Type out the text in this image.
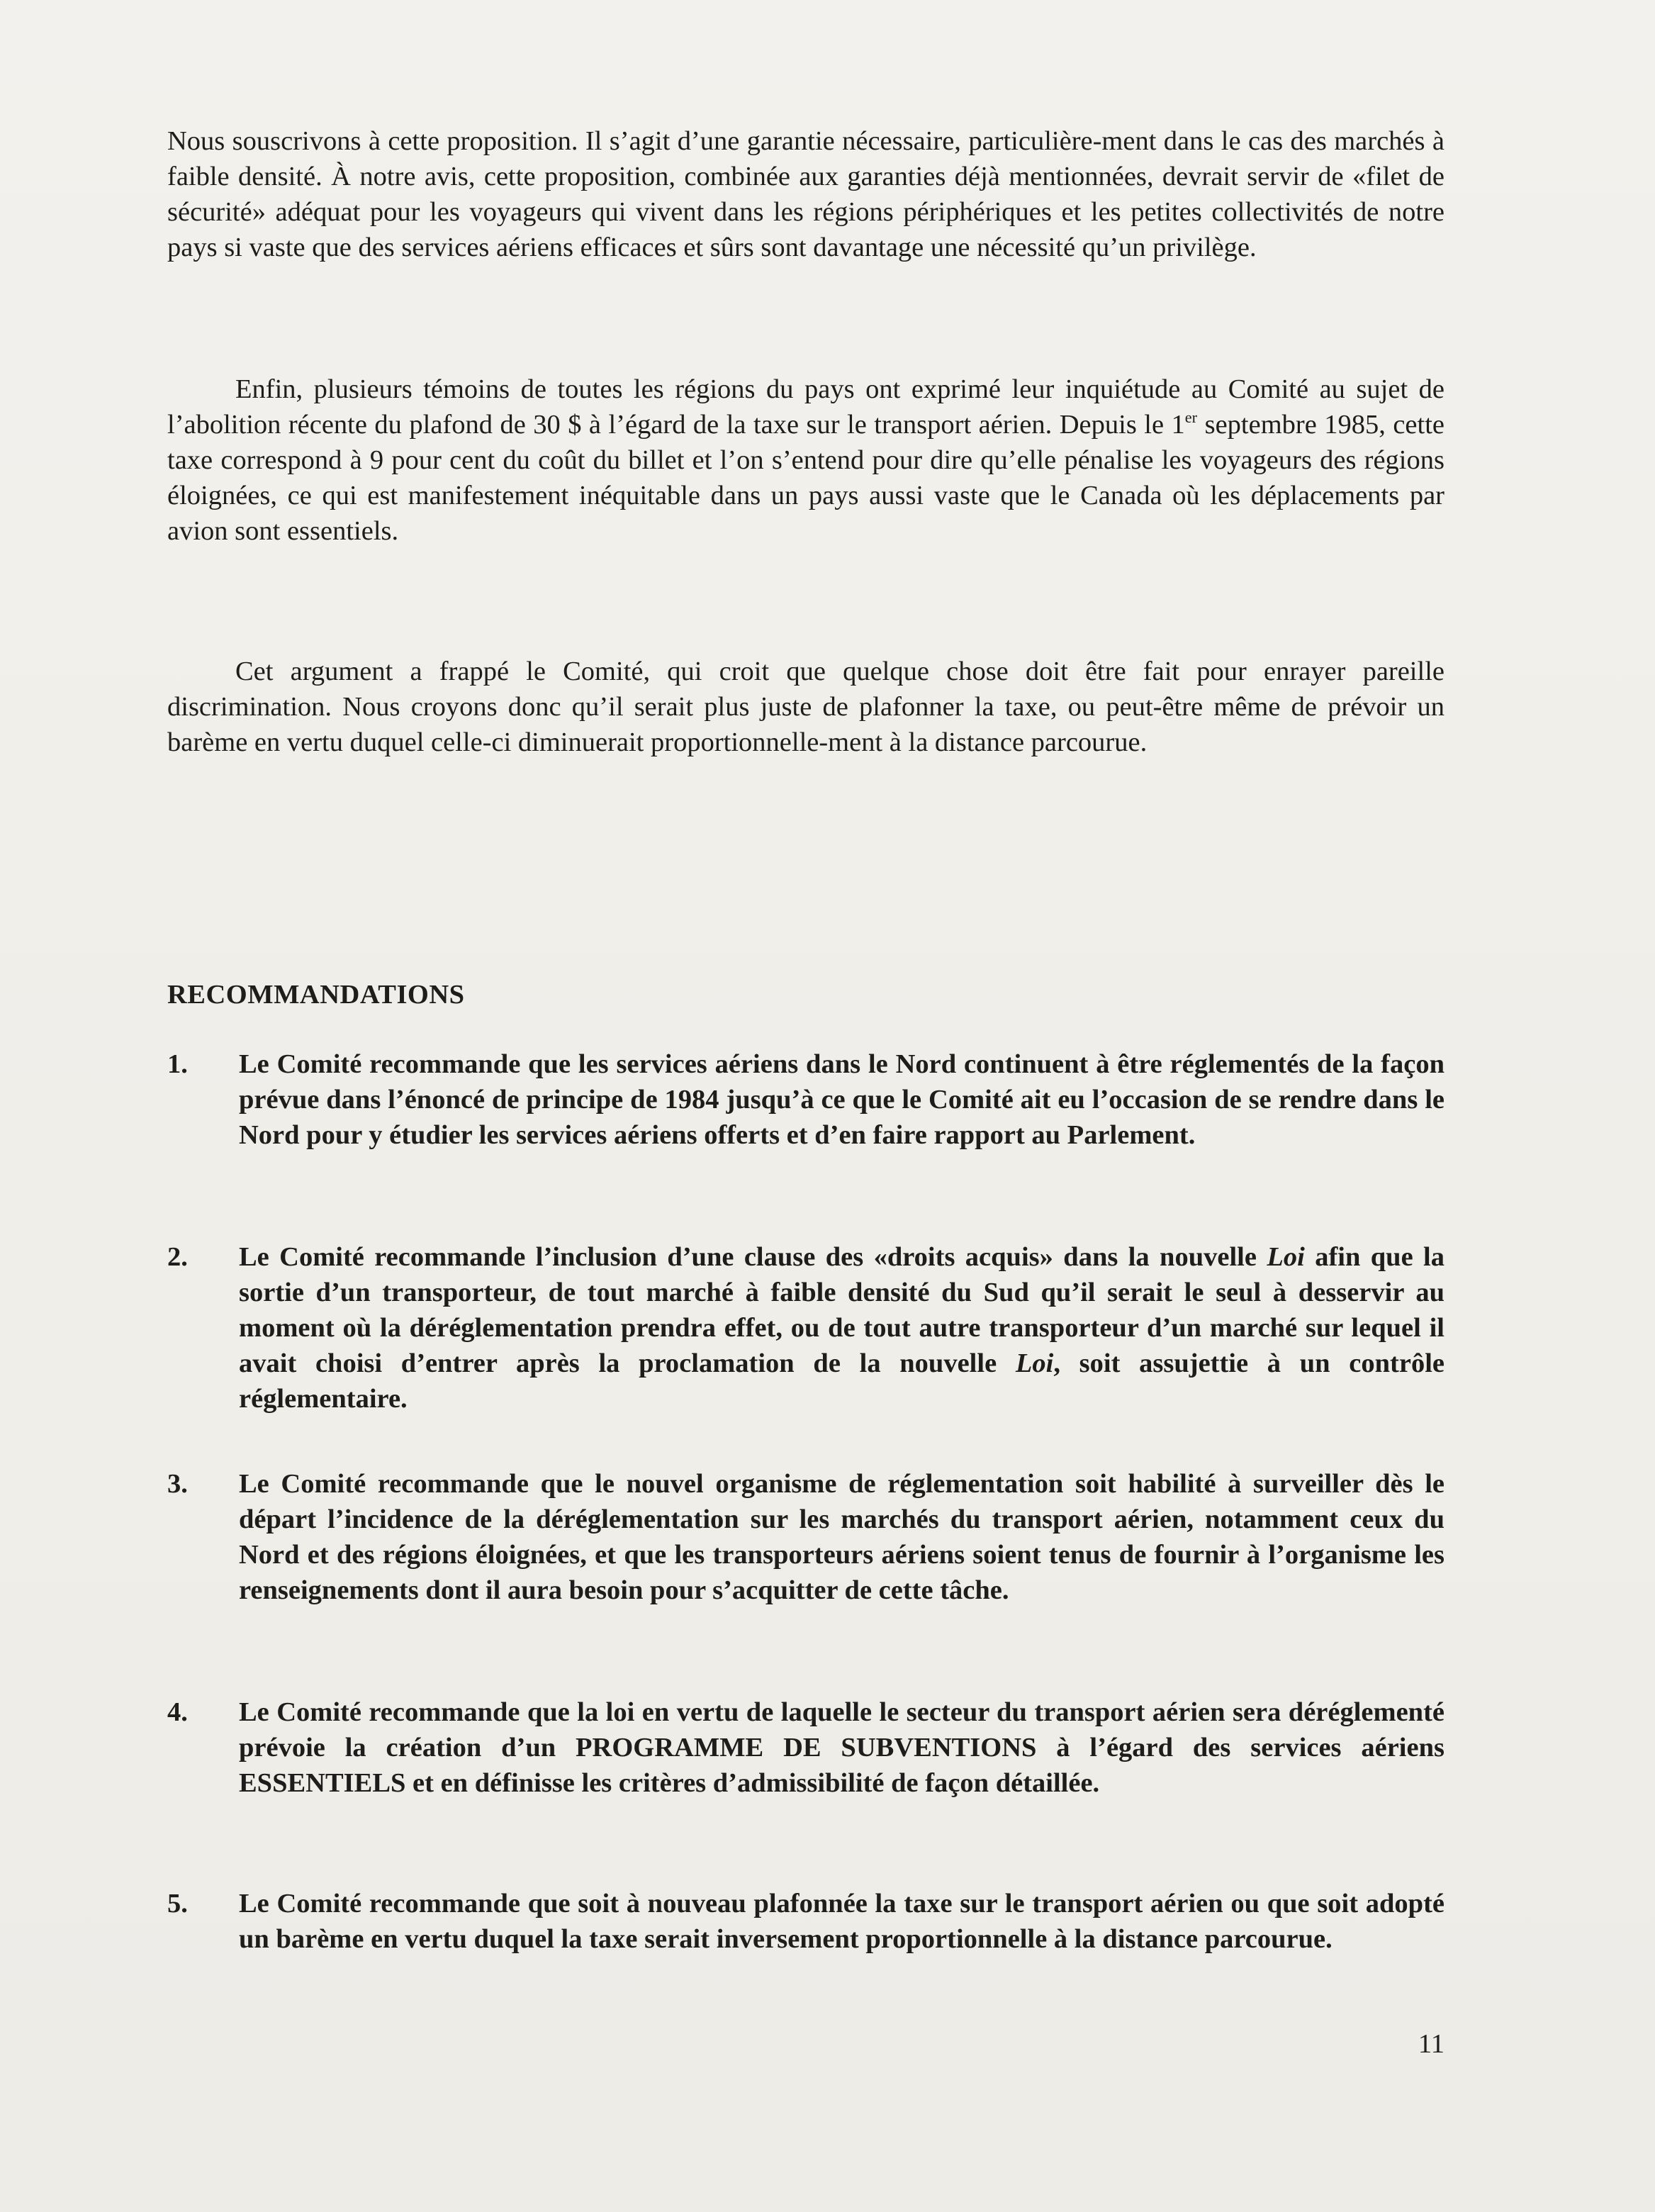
Nous souscrivons à cette proposition. Il s’agit d’une garantie nécessaire, particulière-ment dans le cas des marchés à faible densité. À notre avis, cette proposition, combinée aux garanties déjà mentionnées, devrait servir de «filet de sécurité» adéquat pour les voyageurs qui vivent dans les régions périphériques et les petites collectivités de notre pays si vaste que des services aériens efficaces et sûrs sont davantage une nécessité qu’un privilège.

Enfin, plusieurs témoins de toutes les régions du pays ont exprimé leur inquiétude au Comité au sujet de l’abolition récente du plafond de 30 $ à l’égard de la taxe sur le transport aérien. Depuis le 1er septembre 1985, cette taxe correspond à 9 pour cent du coût du billet et l’on s’entend pour dire qu’elle pénalise les voyageurs des régions éloignées, ce qui est manifestement inéquitable dans un pays aussi vaste que le Canada où les déplacements par avion sont essentiels.

Cet argument a frappé le Comité, qui croit que quelque chose doit être fait pour enrayer pareille discrimination. Nous croyons donc qu’il serait plus juste de plafonner la taxe, ou peut-être même de prévoir un barème en vertu duquel celle-ci diminuerait proportionnelle-ment à la distance parcourue.

RECOMMANDATIONS
1.	Le Comité recommande que les services aériens dans le Nord continuent à être réglementés de la façon prévue dans l’énoncé de principe de 1984 jusqu’à ce que le Comité ait eu l’occasion de se rendre dans le Nord pour y étudier les services aériens offerts et d’en faire rapport au Parlement.
2.	Le Comité recommande l’inclusion d’une clause des «droits acquis» dans la nouvelle Loi afin que la sortie d’un transporteur, de tout marché à faible densité du Sud qu’il serait le seul à desservir au moment où la déréglementation prendra effet, ou de tout autre transporteur d’un marché sur lequel il avait choisi d’entrer après la proclamation de la nouvelle Loi, soit assujettie à un contrôle réglementaire.
3.	Le Comité recommande que le nouvel organisme de réglementation soit habilité à surveiller dès le départ l’incidence de la déréglementation sur les marchés du transport aérien, notamment ceux du Nord et des régions éloignées, et que les transporteurs aériens soient tenus de fournir à l’organisme les renseignements dont il aura besoin pour s’acquitter de cette tâche.
4.	Le Comité recommande que la loi en vertu de laquelle le secteur du transport aérien sera déréglementé prévoie la création d’un PROGRAMME DE SUBVENTIONS à l’égard des services aériens ESSENTIELS et en définisse les critères d’admissibilité de façon détaillée.
5.	Le Comité recommande que soit à nouveau plafonnée la taxe sur le transport aérien ou que soit adopté un barème en vertu duquel la taxe serait inversement proportionnelle à la distance parcourue.
11
